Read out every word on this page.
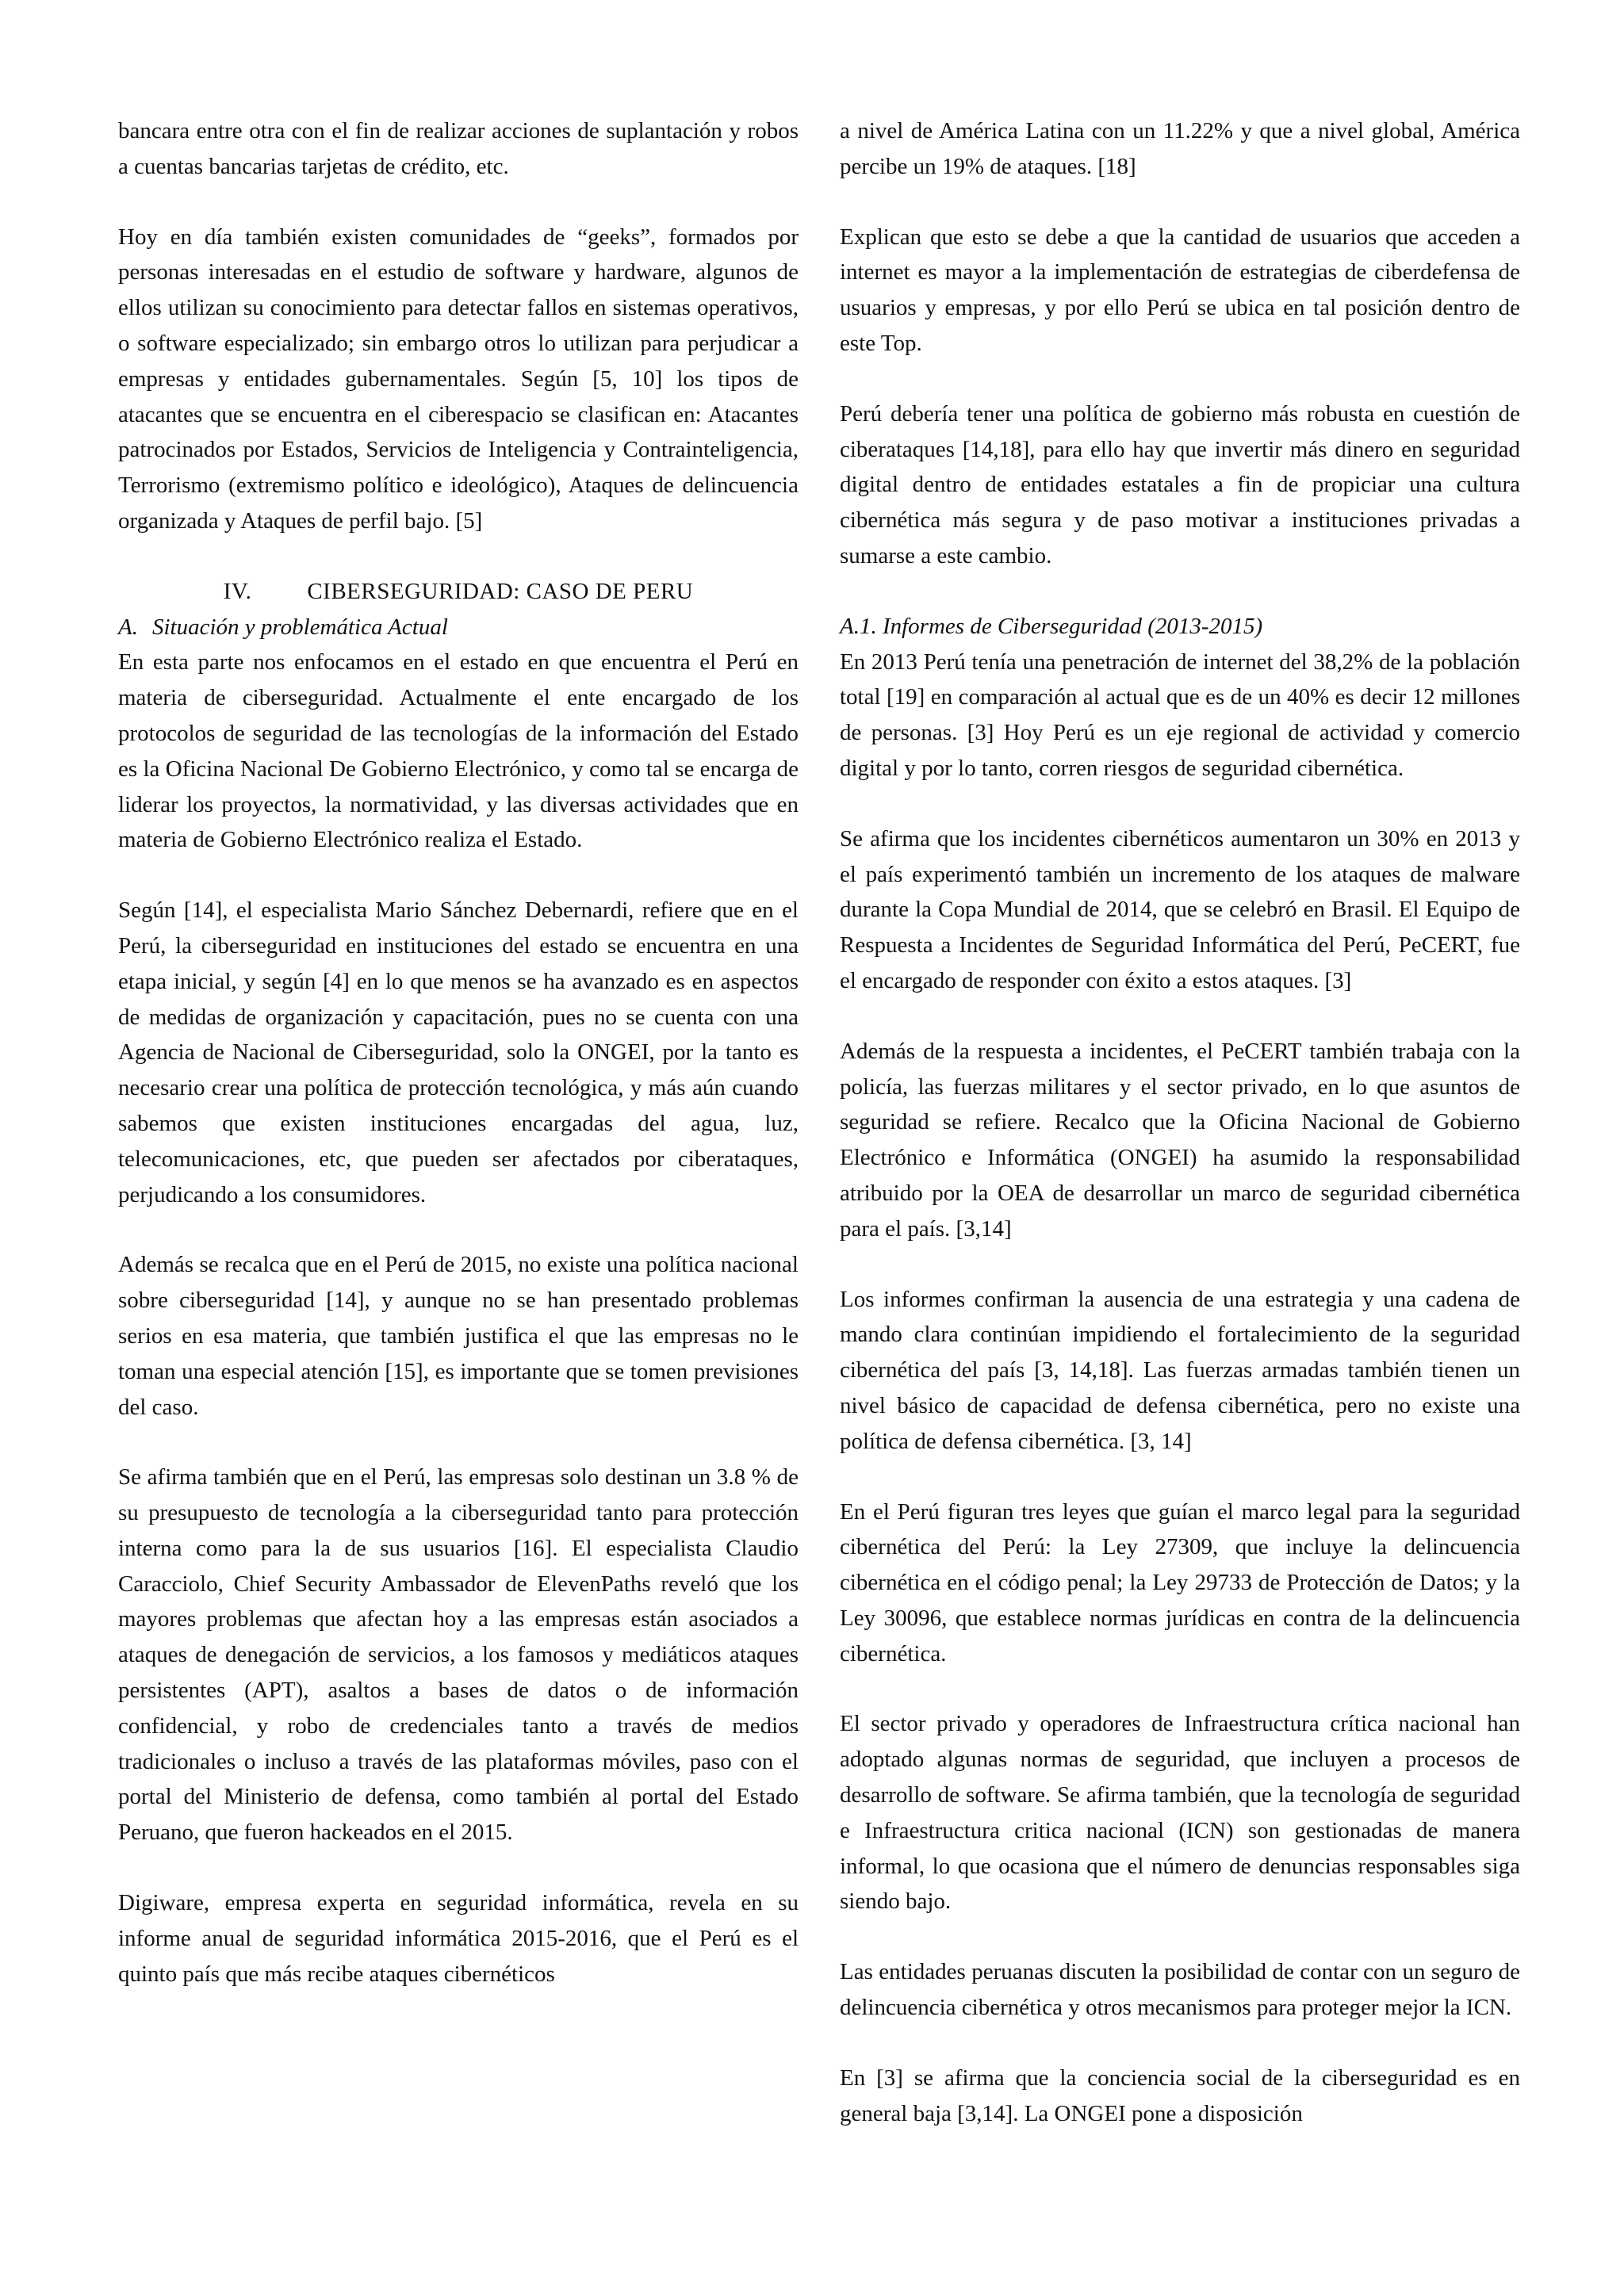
bancara entre otra con el fin de realizar acciones de suplantación y robos a cuentas bancarias tarjetas de crédito, etc.

Hoy en día también existen comunidades de “geeks”, formados por personas interesadas en el estudio de software y hardware, algunos de ellos utilizan su conocimiento para detectar fallos en sistemas operativos, o software especializado; sin embargo otros lo utilizan para perjudicar a empresas y entidades gubernamentales. Según [5, 10] los tipos de atacantes que se encuentra en el ciberespacio se clasifican en: Atacantes patrocinados por Estados, Servicios de Inteligencia y Contrainteligencia, Terrorismo (extremismo político e ideológico), Ataques de delincuencia organizada y Ataques de perfil bajo. [5]

IV. CIBERSEGURIDAD: CASO DE PERU
A. Situación y problemática Actual

En esta parte nos enfocamos en el estado en que encuentra el Perú en materia de ciberseguridad. Actualmente el ente encargado de los protocolos de seguridad de las tecnologías de la información del Estado es la Oficina Nacional De Gobierno Electrónico, y como tal se encarga de liderar los proyectos, la normatividad, y las diversas actividades que en materia de Gobierno Electrónico realiza el Estado.

Según [14], el especialista Mario Sánchez Debernardi, refiere que en el Perú, la ciberseguridad en instituciones del estado se encuentra en una etapa inicial, y según [4] en lo que menos se ha avanzado es en aspectos de medidas de organización y capacitación, pues no se cuenta con una Agencia de Nacional de Ciberseguridad, solo la ONGEI, por la tanto es necesario crear una política de protección tecnológica, y más aún cuando sabemos que existen instituciones encargadas del agua, luz, telecomunicaciones, etc, que pueden ser afectados por ciberataques, perjudicando a los consumidores.

Además se recalca que en el Perú de 2015, no existe una política nacional sobre ciberseguridad [14], y aunque no se han presentado problemas serios en esa materia, que también justifica el que las empresas no le toman una especial atención [15], es importante que se tomen previsiones del caso.

Se afirma también que en el Perú, las empresas solo destinan un 3.8 % de su presupuesto de tecnología a la ciberseguridad tanto para protección interna como para la de sus usuarios [16]. El especialista Claudio Caracciolo, Chief Security Ambassador de ElevenPaths reveló que los mayores problemas que afectan hoy a las empresas están asociados a ataques de denegación de servicios, a los famosos y mediáticos ataques persistentes (APT), asaltos a bases de datos o de información confidencial, y robo de credenciales tanto a través de medios tradicionales o incluso a través de las plataformas móviles, paso con el portal del Ministerio de defensa, como también al portal del Estado Peruano, que fueron hackeados en el 2015.

Digiware, empresa experta en seguridad informática, revela en su informe anual de seguridad informática 2015-2016, que el Perú es el quinto país que más recibe ataques cibernéticos

a nivel de América Latina con un 11.22% y que a nivel global, América percibe un 19% de ataques. [18]

Explican que esto se debe a que la cantidad de usuarios que acceden a internet es mayor a la implementación de estrategias de ciberdefensa de usuarios y empresas, y por ello Perú se ubica en tal posición dentro de este Top.

Perú debería tener una política de gobierno más robusta en cuestión de ciberataques [14,18], para ello hay que invertir más dinero en seguridad digital dentro de entidades estatales a fin de propiciar una cultura cibernética más segura y de paso motivar a instituciones privadas a sumarse a este cambio.

A.1. Informes de Ciberseguridad (2013-2015)

En 2013 Perú tenía una penetración de internet del 38,2% de la población total [19] en comparación al actual que es de un 40% es decir 12 millones de personas. [3] Hoy Perú es un eje regional de actividad y comercio digital y por lo tanto, corren riesgos de seguridad cibernética.

Se afirma que los incidentes cibernéticos aumentaron un 30% en 2013 y el país experimentó también un incremento de los ataques de malware durante la Copa Mundial de 2014, que se celebró en Brasil. El Equipo de Respuesta a Incidentes de Seguridad Informática del Perú, PeCERT, fue el encargado de responder con éxito a estos ataques. [3]

Además de la respuesta a incidentes, el PeCERT también trabaja con la policía, las fuerzas militares y el sector privado, en lo que asuntos de seguridad se refiere. Recalco que la Oficina Nacional de Gobierno Electrónico e Informática (ONGEI) ha asumido la responsabilidad atribuido por la OEA de desarrollar un marco de seguridad cibernética para el país. [3,14]

Los informes confirman la ausencia de una estrategia y una cadena de mando clara continúan impidiendo el fortalecimiento de la seguridad cibernética del país [3, 14,18]. Las fuerzas armadas también tienen un nivel básico de capacidad de defensa cibernética, pero no existe una política de defensa cibernética. [3, 14]

En el Perú figuran tres leyes que guían el marco legal para la seguridad cibernética del Perú: la Ley 27309, que incluye la delincuencia cibernética en el código penal; la Ley 29733 de Protección de Datos; y la Ley 30096, que establece normas jurídicas en contra de la delincuencia cibernética.

El sector privado y operadores de Infraestructura crítica nacional han adoptado algunas normas de seguridad, que incluyen a procesos de desarrollo de software. Se afirma también, que la tecnología de seguridad e Infraestructura critica nacional (ICN) son gestionadas de manera informal, lo que ocasiona que el número de denuncias responsables siga siendo bajo.

Las entidades peruanas discuten la posibilidad de contar con un seguro de delincuencia cibernética y otros mecanismos para proteger mejor la ICN.

En [3] se afirma que la conciencia social de la ciberseguridad es en general baja [3,14]. La ONGEI pone a disposición
